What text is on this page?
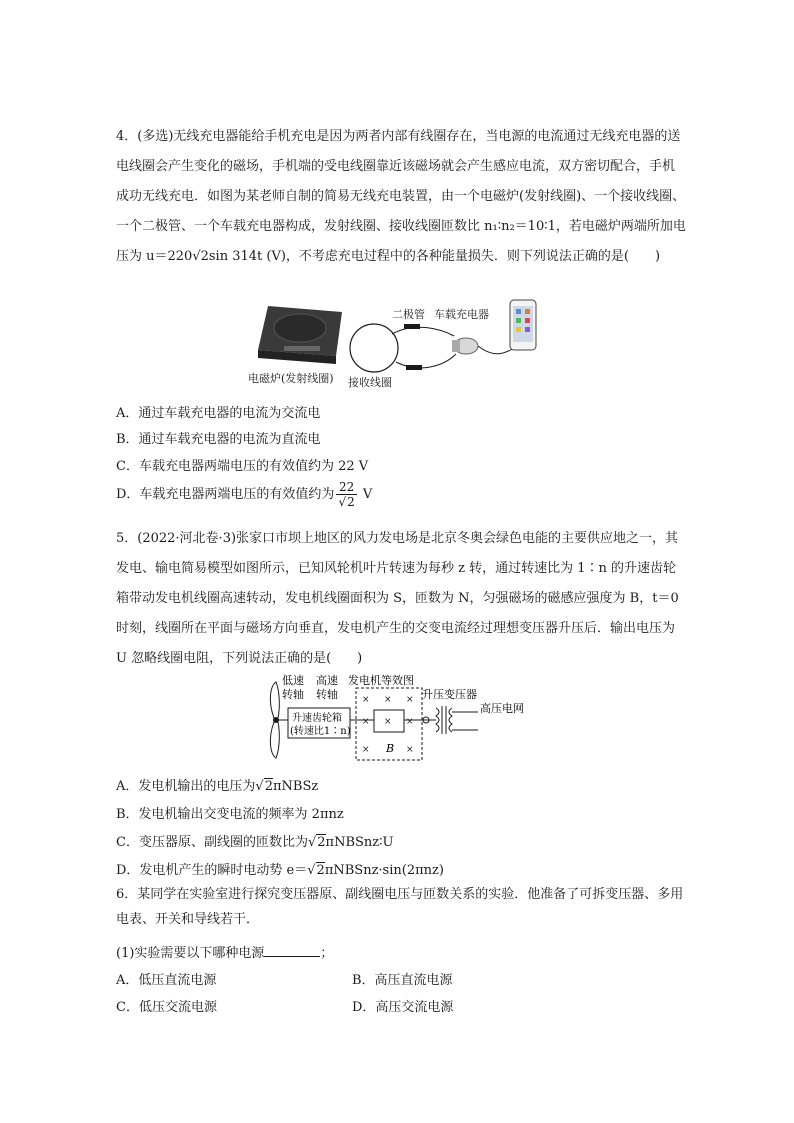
4．(多选)无线充电器能给手机充电是因为两者内部有线圈存在，当电源的电流通过无线充电器的送电线圈会产生变化的磁场，手机端的受电线圈靠近该磁场就会产生感应电流，双方密切配合，手机成功无线充电．如图为某老师自制的简易无线充电装置，由一个电磁炉(发射线圈)、一个接收线圈、一个二极管、一个车载充电器构成，发射线圈、接收线圈匝数比 n₁∶n₂＝10∶1，若电磁炉两端所加电压为 u＝220√2sin 314t (V)，不考虑充电过程中的各种能量损失．则下列说法正确的是(　　)

电磁炉(发射线圈) 接收线圈
二极管 车载充电器
A．通过车载充电器的电流为交流电
B．通过车载充电器的电流为直流电
C．车载充电器两端电压的有效值约为 22 V
D．车载充电器两端电压的有效值约为 $\frac{22}{√2}$ V

5．(2022·河北卷·3)张家口市坝上地区的风力发电场是北京冬奥会绿色电能的主要供应地之一，其发电、输电简易模型如图所示，已知风轮机叶片转速为每秒 z 转，通过转速比为 1∶n 的升速齿轮箱带动发电机线圈高速转动，发电机线圈面积为 S，匝数为 N，匀强磁场的磁感应强度为 B，t＝0 时刻，线圈所在平面与磁场方向垂直，发电机产生的交变电流经过理想变压器升压后．输出电压为 U 忽略线圈电阻，下列说法正确的是(　　)

低速
转轴
高速
转轴
升速齿轮箱
(转速比1∶n)
发电机等效图
× × ×
× × ×
×	×
B
升压变压器
高压电网
A．发电机输出的电压为√2πNBSz
B．发电机输出交变电流的频率为 2πnz
C．变压器原、副线圈的匝数比为√2πNBSnz∶U
D．发电机产生的瞬时电动势 e＝√2πNBSnz·sin(2πnz)

6．某同学在实验室进行探究变压器原、副线圈电压与匝数关系的实验．他准备了可拆变压器、多用电表、开关和导线若干．

(1)实验需要以下哪种电源	；
A．低压直流电源	B．高压直流电源
C．低压交流电源	D．高压交流电源
